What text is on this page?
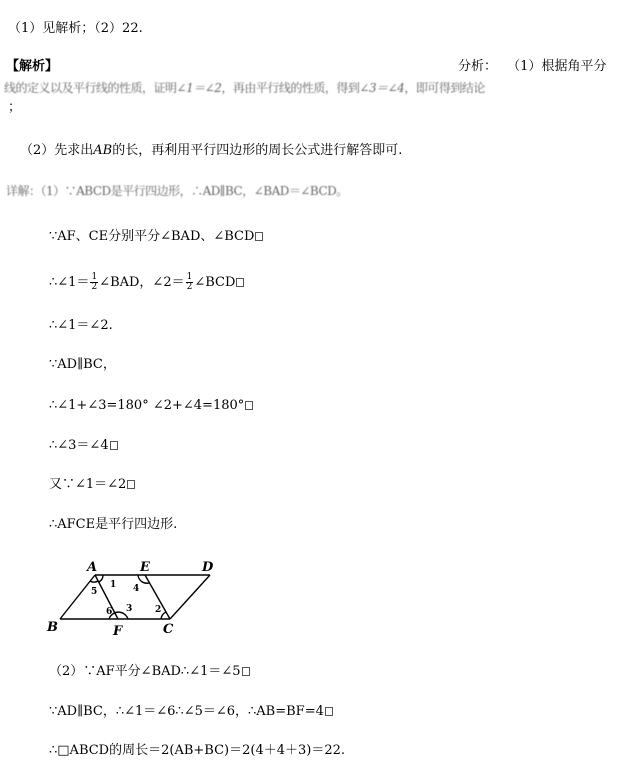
（1）见解析；（2）22.
【解析】	分析： （1）根据角平分
线的定义以及平行线的性质，证明∠1＝∠2，再由平行线的性质，得到∠3＝∠4，即可得到结论
；
（2）先求出AB的长，再利用平行四边形的周长公式进行解答即可.
详解：（1）∵ABCD是平行四边形，∴AD∥BC，∠BAD＝∠BCD。
∵AF、CE分别平分∠BAD、∠BCD
∴∠1＝ $\frac{1}{2}$ ∠BAD，∠2＝ $\frac{1}{2}$ ∠BCD
∴∠1＝∠2.
∵AD∥BC，
∴∠1+∠3=180° ∠2+∠4=180°
∴∠3＝∠4
又∵∠1＝∠2
∴AFCE是平行四边形.
A	E	D
B	F	C
1 4
5
6 3	2
（2）∵AF平分∠BAD∴∠1＝∠5
∵AD∥BC，∴∠1＝∠6∴∠5＝∠6，∴AB=BF=4
∴□ABCD的周长＝2(AB+BC)＝2(4＋4＋3)＝22.
